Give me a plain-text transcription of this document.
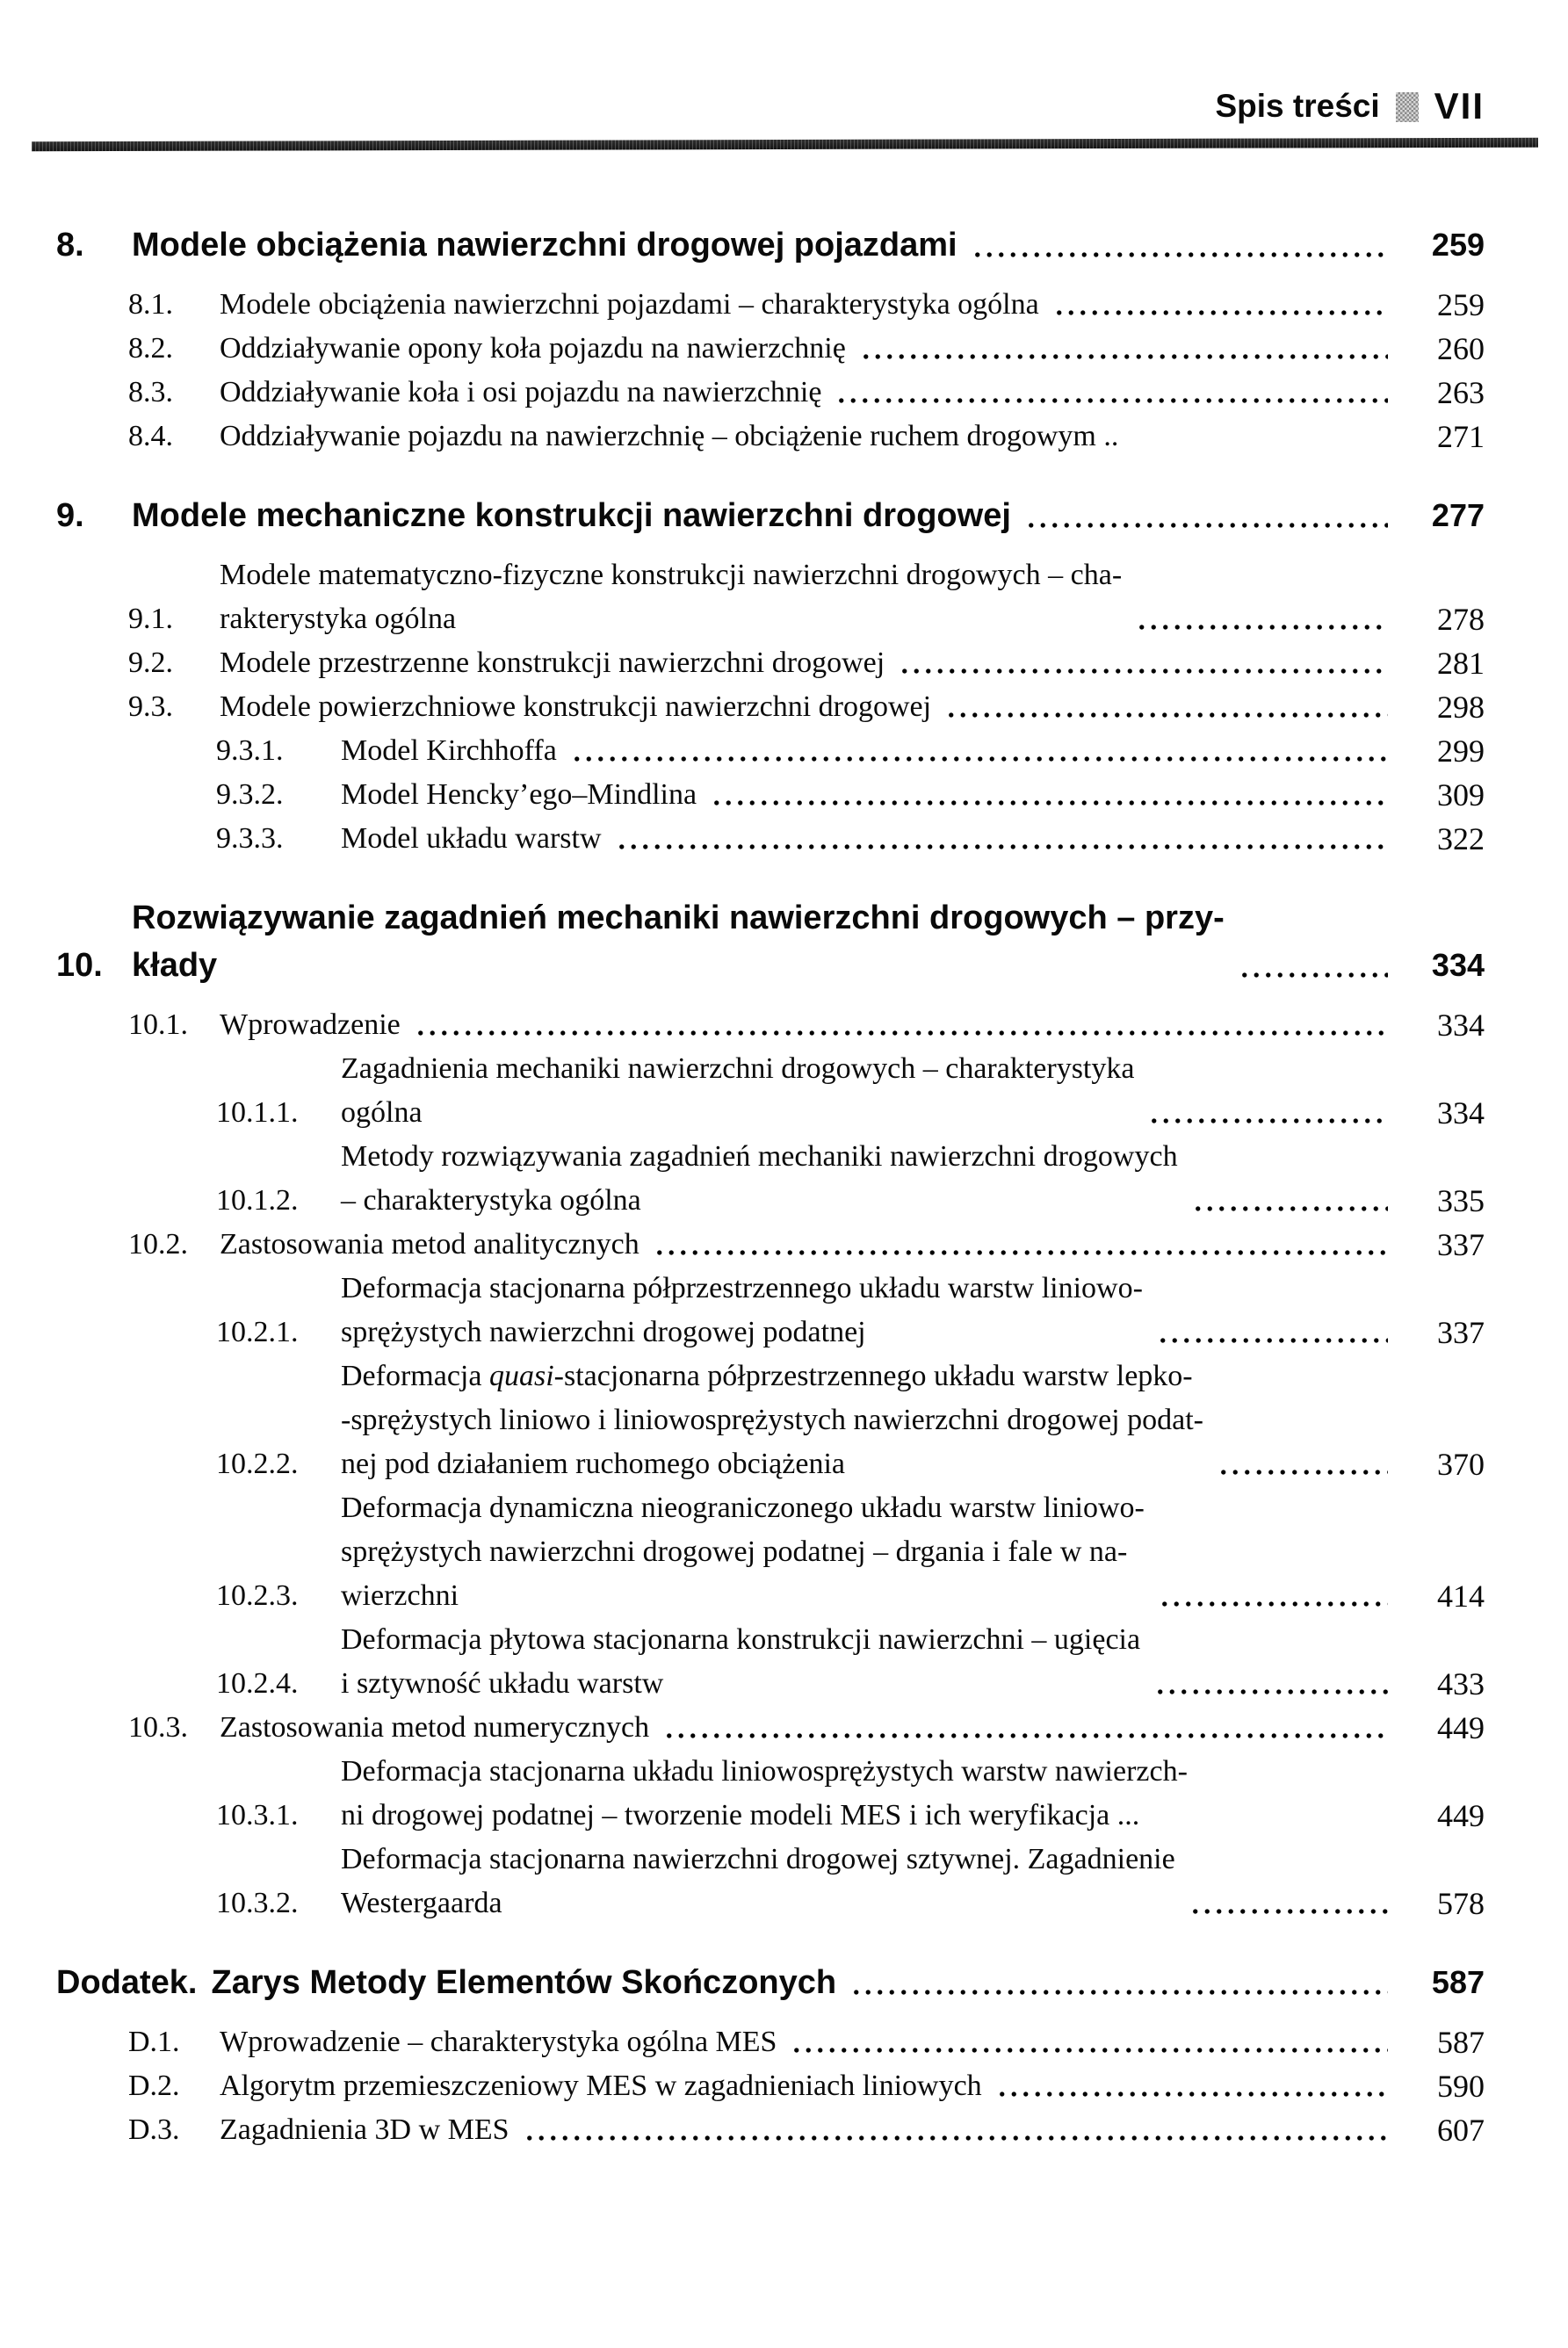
Spis treści VII
8.	Modele obciążenia nawierzchni drogowej pojazdami	259
8.1.	Modele obciążenia nawierzchni pojazdami – charakterystyka ogólna	259
8.2.	Oddziaływanie opony koła pojazdu na nawierzchnię	260
8.3.	Oddziaływanie koła i osi pojazdu na nawierzchnię	263
8.4.	Oddziaływanie pojazdu na nawierzchnię – obciążenie ruchem drogowym ..	271
9.	Modele mechaniczne konstrukcji nawierzchni drogowej	277
9.1.
Modele matematyczno-fizyczne konstrukcji nawierzchni drogowych – cha-
rakterystyka ogólna	278
9.2.	Modele przestrzenne konstrukcji nawierzchni drogowej	281
9.3.	Modele powierzchniowe konstrukcji nawierzchni drogowej	298
9.3.1.	Model Kirchhoffa	299
9.3.2.	Model Hencky’ego–Mindlina	309
9.3.3.	Model układu warstw	322
10.
Rozwiązywanie zagadnień mechaniki nawierzchni drogowych – przy-
kłady	334
10.1.	Wprowadzenie	334
10.1.1.
Zagadnienia mechaniki nawierzchni drogowych – charakterystyka
ogólna	334
10.1.2.
Metody rozwiązywania zagadnień mechaniki nawierzchni drogowych
– charakterystyka ogólna	335
10.2.	Zastosowania metod analitycznych	337
10.2.1.
Deformacja stacjonarna półprzestrzennego układu warstw liniowo-
sprężystych nawierzchni drogowej podatnej	337
10.2.2.
Deformacja quasi-stacjonarna półprzestrzennego układu warstw lepko-
-sprężystych liniowo i liniowosprężystych nawierzchni drogowej podat-
nej pod działaniem ruchomego obciążenia	370
10.2.3.
Deformacja dynamiczna nieograniczonego układu warstw liniowo-
sprężystych nawierzchni drogowej podatnej – drgania i fale w na-
wierzchni	414
10.2.4.
Deformacja płytowa stacjonarna konstrukcji nawierzchni – ugięcia
i sztywność układu warstw	433
10.3.	Zastosowania metod numerycznych	449
10.3.1.
Deformacja stacjonarna układu liniowosprężystych warstw nawierzch-
ni drogowej podatnej – tworzenie modeli MES i ich weryfikacja ...	449
10.3.2.
Deformacja stacjonarna nawierzchni drogowej sztywnej. Zagadnienie
Westergaarda	578
Dodatek. Zarys Metody Elementów Skończonych	587
D.1.	Wprowadzenie – charakterystyka ogólna MES	587
D.2.	Algorytm przemieszczeniowy MES w zagadnieniach liniowych	590
D.3.	Zagadnienia 3D w MES	607
